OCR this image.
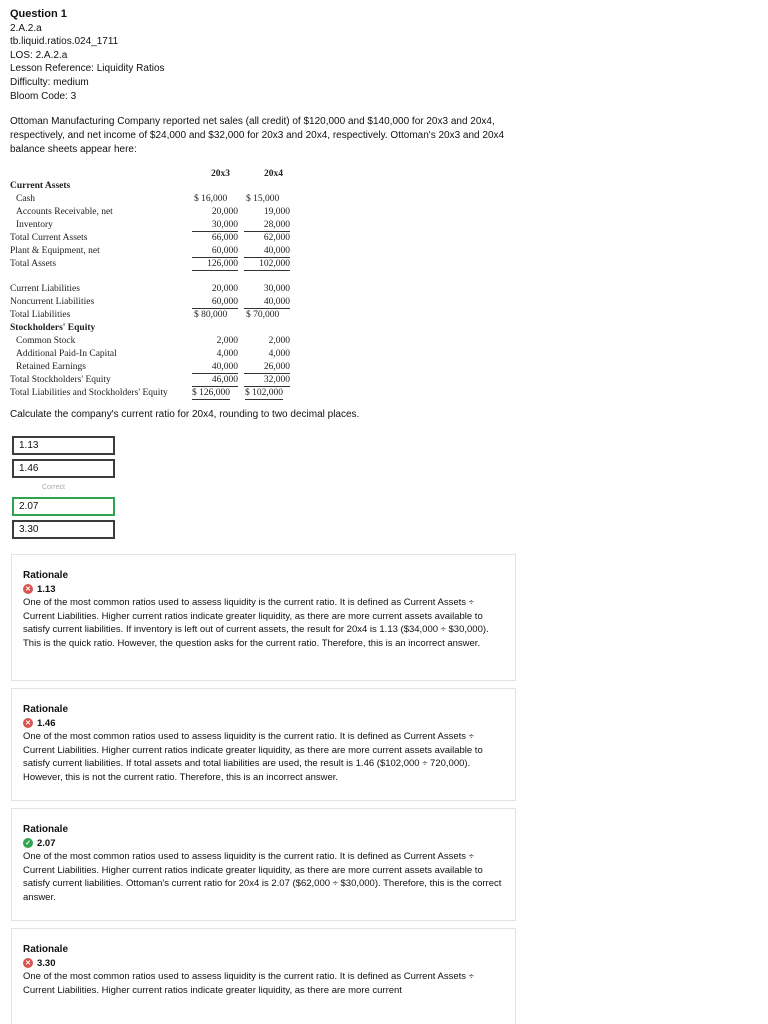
Question 1
2.A.2.a
tb.liquid.ratios.024_1711
LOS: 2.A.2.a
Lesson Reference: Liquidity Ratios
Difficulty: medium
Bloom Code: 3
Ottoman Manufacturing Company reported net sales (all credit) of $120,000 and $140,000 for 20x3 and 20x4, respectively, and net income of $24,000 and $32,000 for 20x3 and 20x4, respectively. Ottoman's 20x3 and 20x4 balance sheets appear here:
20x3	20x4
Current Assets
Cash	$ 16,000 $ 15,000
Accounts Receivable, net	20,000	19,000
Inventory	30,000	28,000
Total Current Assets	66,000	62,000
Plant & Equipment, net	60,000	40,000
Total Assets	126,000	102,000
Current Liabilities	20,000	30,000
Noncurrent Liabilities	60,000	40,000
Total Liabilities	$ 80,000 $ 70,000
Stockholders' Equity
Common Stock	2,000	2,000
Additional Paid-In Capital	4,000	4,000
Retained Earnings	40,000	26,000
Total Stockholders' Equity	46,000	32,000
Total Liabilities and Stockholders' Equity	$ 126,000 $ 102,000
Calculate the company's current ratio for 20x4, rounding to two decimal places.
1.13
1.46
Correct
2.07
3.30
Rationale
✕ 1.13
One of the most common ratios used to assess liquidity is the current ratio. It is defined as Current Assets ÷ Current Liabilities. Higher current ratios indicate greater liquidity, as there are more current assets available to satisfy current liabilities. If inventory is left out of current assets, the result for 20x4 is 1.13 ($34,000 ÷ $30,000). This is the quick ratio. However, the question asks for the current ratio. Therefore, this is an incorrect answer.
Rationale
✕ 1.46
One of the most common ratios used to assess liquidity is the current ratio. It is defined as Current Assets ÷ Current Liabilities. Higher current ratios indicate greater liquidity, as there are more current assets available to satisfy current liabilities. If total assets and total liabilities are used, the result is 1.46 ($102,000 ÷ 720,000). However, this is not the current ratio. Therefore, this is an incorrect answer.
Rationale
✓ 2.07
One of the most common ratios used to assess liquidity is the current ratio. It is defined as Current Assets ÷ Current Liabilities. Higher current ratios indicate greater liquidity, as there are more current assets available to satisfy current liabilities. Ottoman's current ratio for 20x4 is 2.07 ($62,000 ÷ $30,000). Therefore, this is the correct answer.
Rationale
✕ 3.30
One of the most common ratios used to assess liquidity is the current ratio. It is defined as Current Assets ÷ Current Liabilities. Higher current ratios indicate greater liquidity, as there are more current
